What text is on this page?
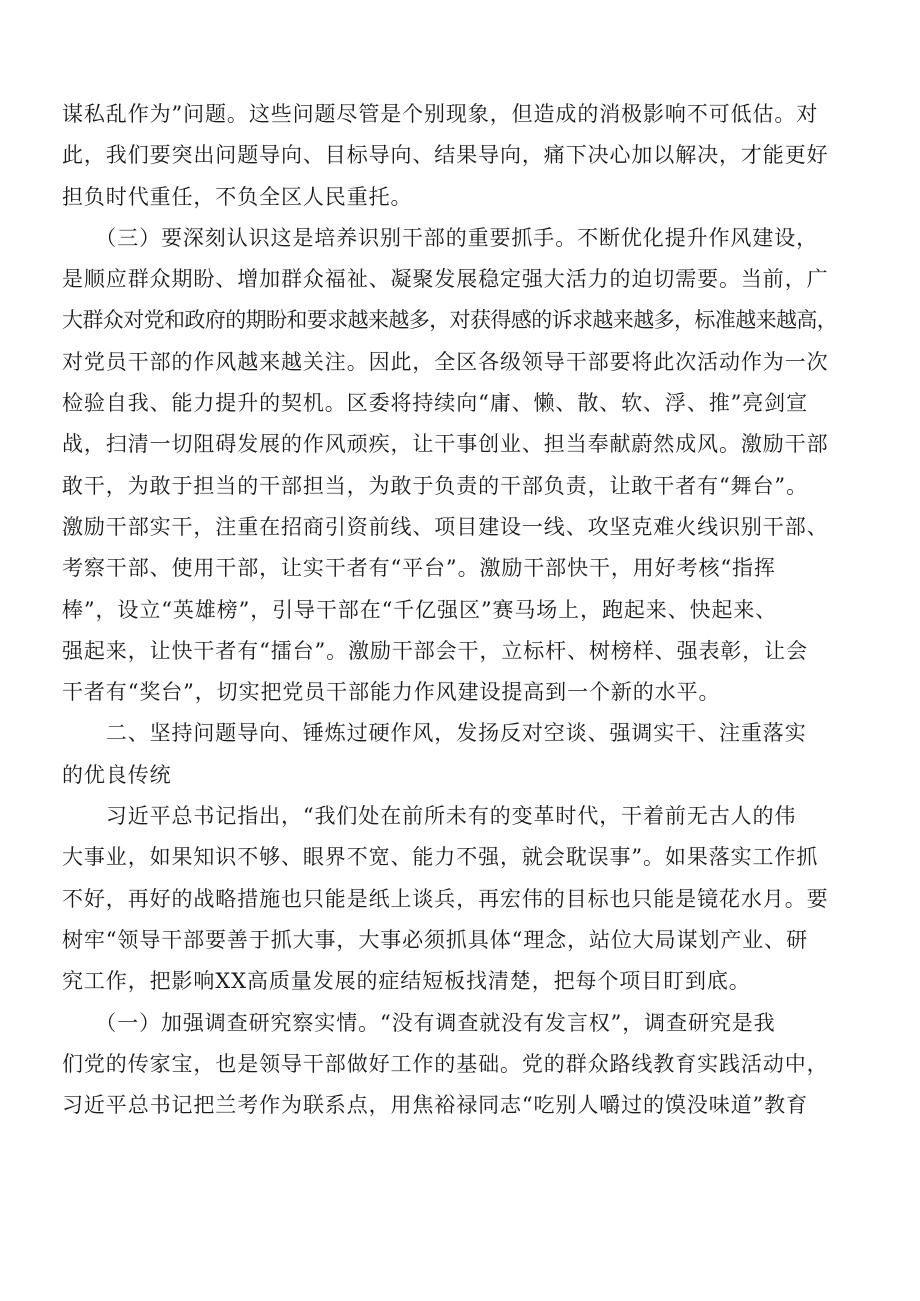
谋私乱作为”问题。这些问题尽管是个别现象，但造成的消极影响不可低估。对
此，我们要突出问题导向、目标导向、结果导向，痛下决心加以解决，才能更好
担负时代重任，不负全区人民重托。

　　（三）要深刻认识这是培养识别干部的重要抓手。不断优化提升作风建设，
是顺应群众期盼、增加群众福祉、凝聚发展稳定强大活力的迫切需要。当前，广
大群众对党和政府的期盼和要求越来越多，对获得感的诉求越来越多，标准越来越高，
对党员干部的作风越来越关注。因此，全区各级领导干部要将此次活动作为一次
检验自我、能力提升的契机。区委将持续向“庸、懒、散、软、浮、推”亮剑宣
战，扫清一切阻碍发展的作风顽疾，让干事创业、担当奉献蔚然成风。激励干部
敢干，为敢于担当的干部担当，为敢于负责的干部负责，让敢干者有“舞台”。
激励干部实干，注重在招商引资前线、项目建设一线、攻坚克难火线识别干部、
考察干部、使用干部，让实干者有“平台”。激励干部快干，用好考核“指挥
棒”，设立“英雄榜”，引导干部在“千亿强区”赛马场上，跑起来、快起来、
强起来，让快干者有“擂台”。激励干部会干，立标杆、树榜样、强表彰，让会
干者有“奖台”，切实把党员干部能力作风建设提高到一个新的水平。

　　二、坚持问题导向、锤炼过硬作风，发扬反对空谈、强调实干、注重落实
的优良传统

　　习近平总书记指出，“我们处在前所未有的变革时代，干着前无古人的伟
大事业，如果知识不够、眼界不宽、能力不强，就会耽误事”。如果落实工作抓
不好，再好的战略措施也只能是纸上谈兵，再宏伟的目标也只能是镜花水月。要
树牢“领导干部要善于抓大事，大事必须抓具体“理念，站位大局谋划产业、研
究工作，把影响XX高质量发展的症结短板找清楚，把每个项目盯到底。

　　（一）加强调查研究察实情。“没有调查就没有发言权”，调查研究是我
们党的传家宝，也是领导干部做好工作的基础。党的群众路线教育实践活动中，
习近平总书记把兰考作为联系点，用焦裕禄同志“吃别人嚼过的馍没味道”教育
